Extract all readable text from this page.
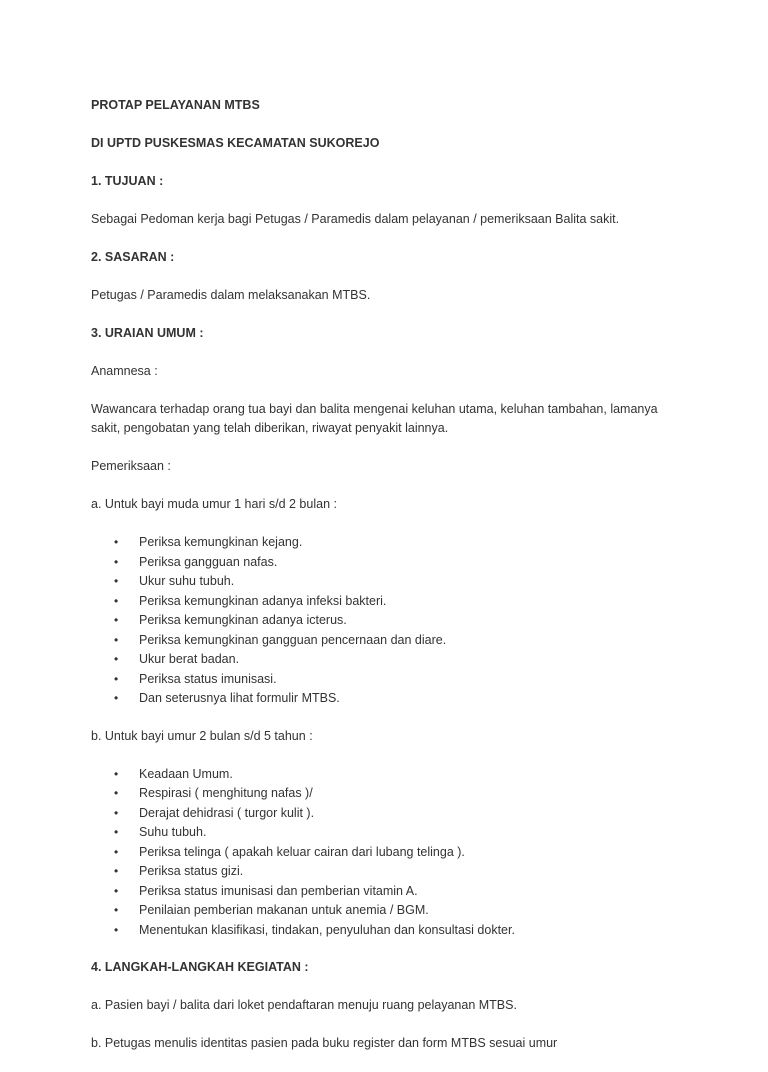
PROTAP PELAYANAN MTBS
DI UPTD PUSKESMAS KECAMATAN SUKOREJO
1. TUJUAN :
Sebagai Pedoman kerja bagi Petugas / Paramedis dalam pelayanan / pemeriksaan Balita sakit.
2. SASARAN :
Petugas / Paramedis dalam melaksanakan MTBS.
3. URAIAN UMUM :
Anamnesa :
Wawancara terhadap orang tua bayi dan balita mengenai keluhan utama, keluhan tambahan, lamanya sakit, pengobatan yang telah diberikan, riwayat penyakit lainnya.
Pemeriksaan :
a. Untuk bayi muda umur 1 hari s/d 2 bulan :
• Periksa kemungkinan kejang.
• Periksa gangguan nafas.
• Ukur suhu tubuh.
• Periksa kemungkinan adanya infeksi bakteri.
• Periksa kemungkinan adanya icterus.
• Periksa kemungkinan gangguan pencernaan dan diare.
• Ukur berat badan.
• Periksa status imunisasi.
• Dan seterusnya lihat formulir MTBS.
b. Untuk bayi umur 2 bulan s/d 5 tahun :
• Keadaan Umum.
• Respirasi ( menghitung nafas )/
• Derajat dehidrasi ( turgor kulit ).
• Suhu tubuh.
• Periksa telinga ( apakah keluar cairan dari lubang telinga ).
• Periksa status gizi.
• Periksa status imunisasi dan pemberian vitamin A.
• Penilaian pemberian makanan untuk anemia / BGM.
• Menentukan klasifikasi, tindakan, penyuluhan dan konsultasi dokter.
4. LANGKAH-LANGKAH KEGIATAN :
a. Pasien bayi / balita dari loket pendaftaran menuju ruang pelayanan MTBS.
b. Petugas menulis identitas pasien pada buku register dan form MTBS sesuai umur
